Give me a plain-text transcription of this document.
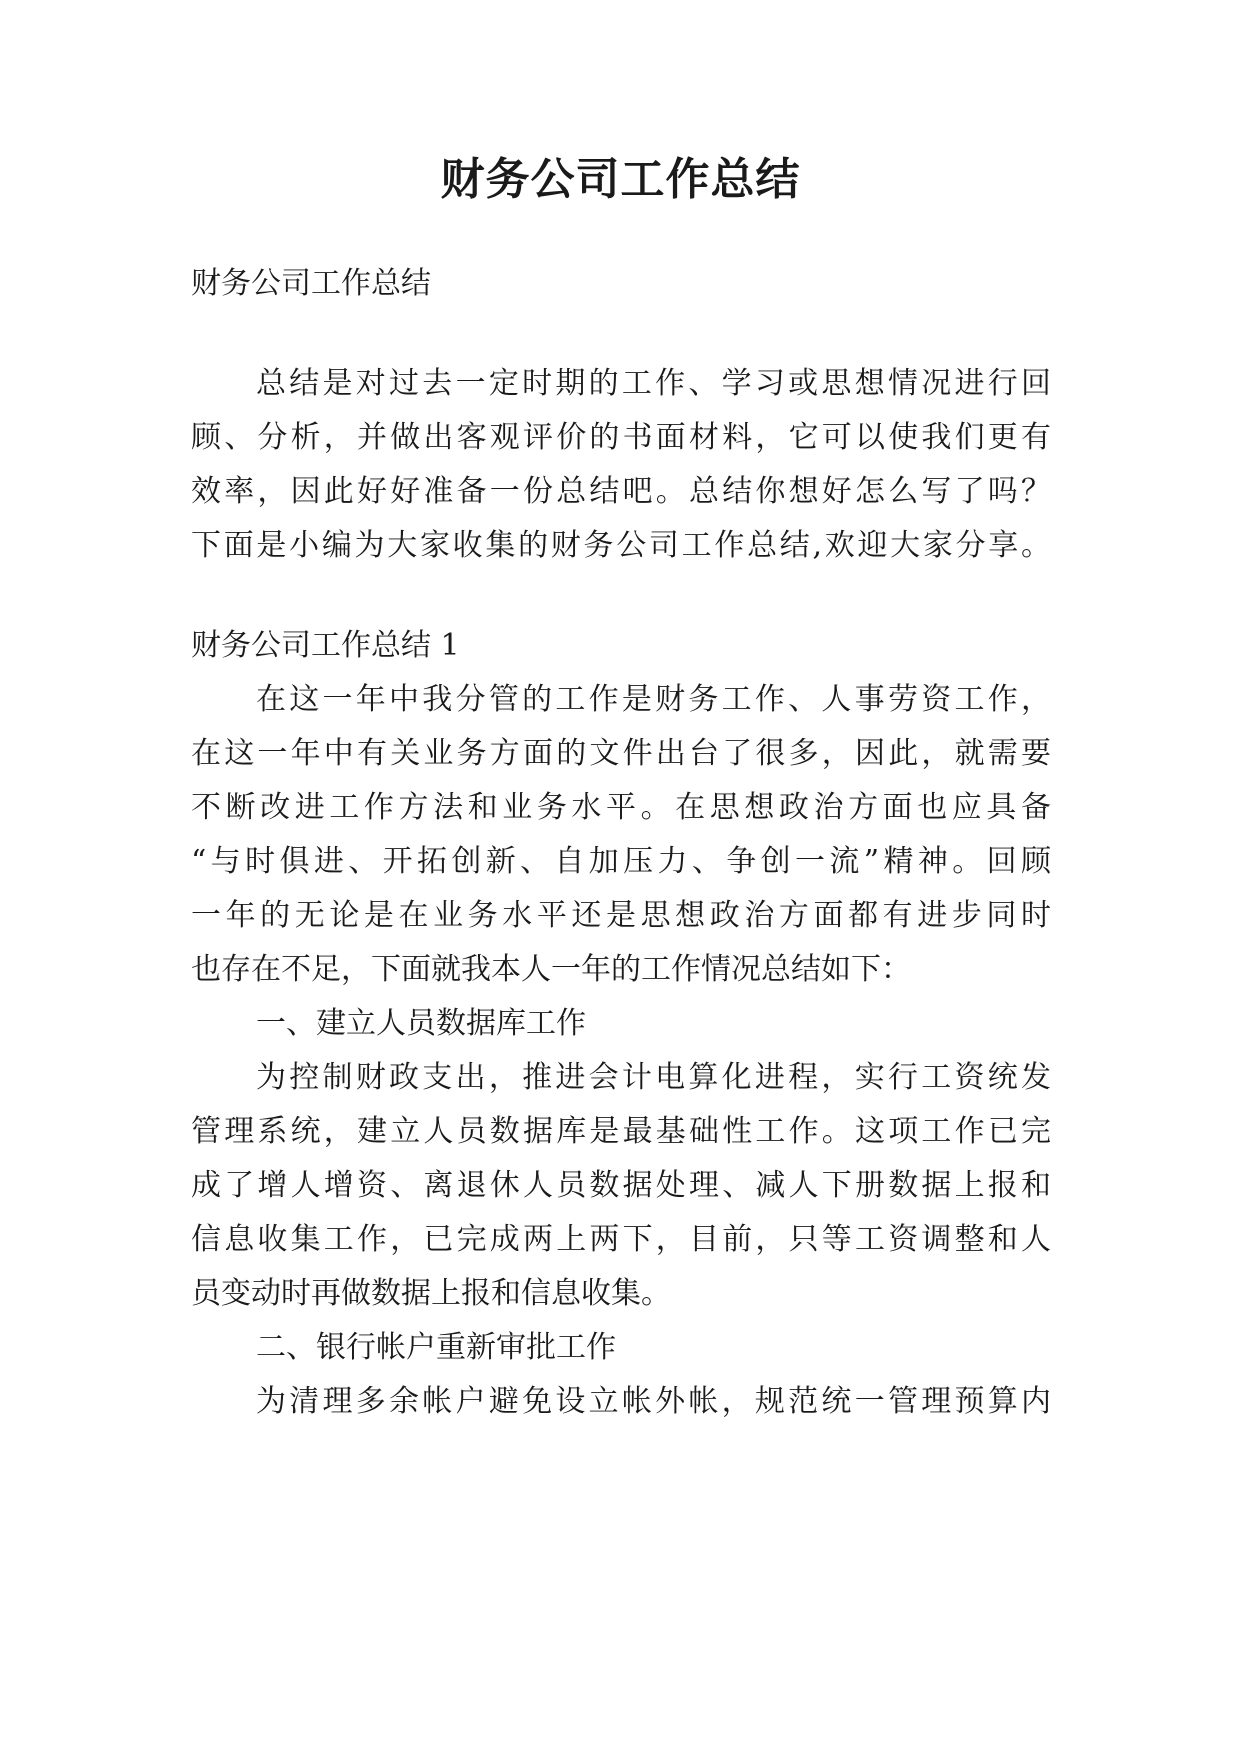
财务公司工作总结

财务公司工作总结

总结是对过去一定时期的工作、学习或思想情况进行回

顾、分析，并做出客观评价的书面材料，它可以使我们更有

效率，因此好好准备一份总结吧。总结你想好怎么写了吗？

下面是小编为大家收集的财务公司工作总结,欢迎大家分享。

财务公司工作总结 1

在这一年中我分管的工作是财务工作、人事劳资工作，

在这一年中有关业务方面的文件出台了很多，因此，就需要

不断改进工作方法和业务水平。在思想政治方面也应具备

“与时俱进、开拓创新、自加压力、争创一流”精神。回顾

一年的无论是在业务水平还是思想政治方面都有进步同时

也存在不足，下面就我本人一年的工作情况总结如下：

一、建立人员数据库工作

为控制财政支出，推进会计电算化进程，实行工资统发

管理系统，建立人员数据库是最基础性工作。这项工作已完

成了增人增资、离退休人员数据处理、减人下册数据上报和

信息收集工作，已完成两上两下，目前，只等工资调整和人

员变动时再做数据上报和信息收集。

二、银行帐户重新审批工作

为清理多余帐户避免设立帐外帐，规范统一管理预算内
